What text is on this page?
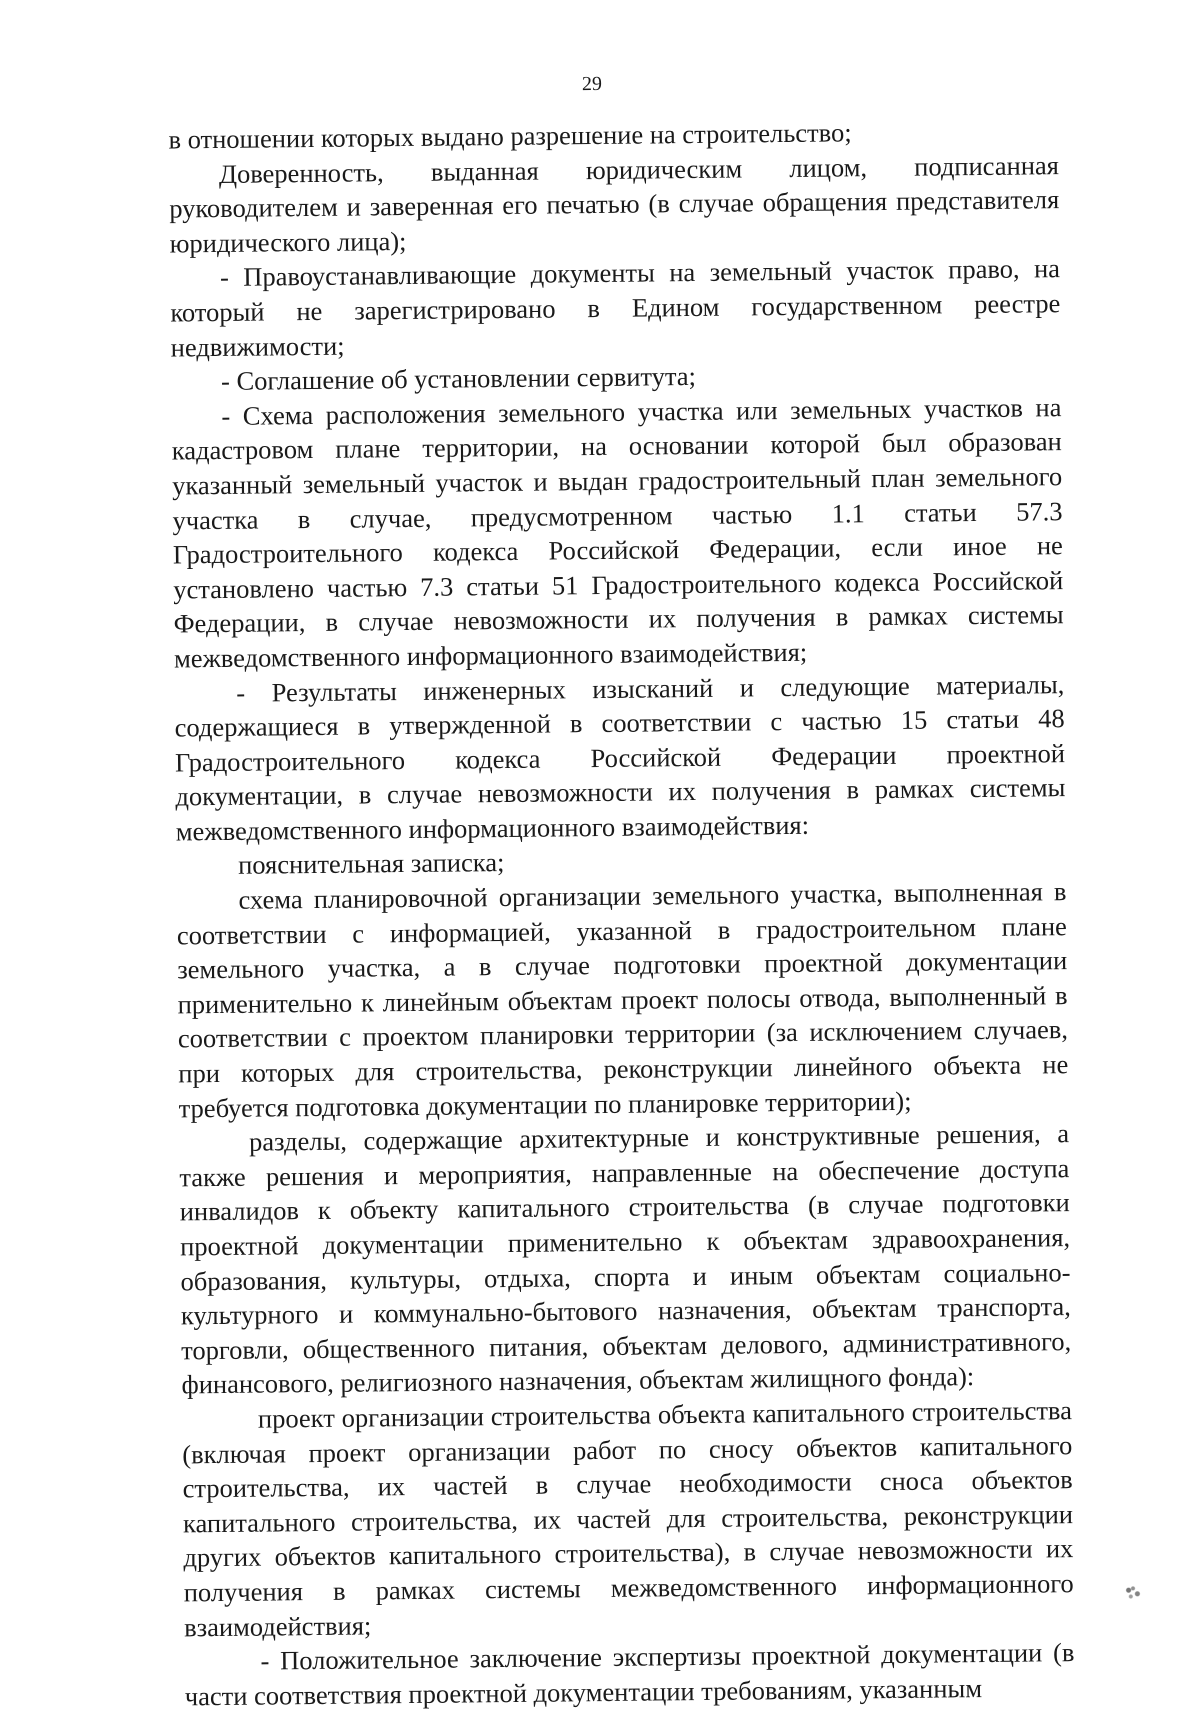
29

в отношении которых выдано разрешение на строительство;

Доверенность, выданная юридическим лицом, подписанная руководителем и заверенная его печатью (в случае обращения представителя юридического лица);

- Правоустанавливающие документы на земельный участок право, на который не зарегистрировано в Едином государственном реестре недвижимости;

- Соглашение об установлении сервитута;

- Схема расположения земельного участка или земельных участков на кадастровом плане территории, на основании которой был образован указанный земельный участок и выдан градостроительный план земельного участка в случае, предусмотренном частью 1.1 статьи 57.3 Градостроительного кодекса Российской Федерации, если иное не установлено частью 7.3 статьи 51 Градостроительного кодекса Российской Федерации, в случае невозможности их получения в рамках системы межведомственного информационного взаимодействия;

- Результаты инженерных изысканий и следующие материалы, содержащиеся в утвержденной в соответствии с частью 15 статьи 48 Градостроительного кодекса Российской Федерации проектной документации, в случае невозможности их получения в рамках системы межведомственного информационного взаимодействия:

пояснительная записка;

схема планировочной организации земельного участка, выполненная в соответствии с информацией, указанной в градостроительном плане земельного участка, а в случае подготовки проектной документации применительно к линейным объектам проект полосы отвода, выполненный в соответствии с проектом планировки территории (за исключением случаев, при которых для строительства, реконструкции линейного объекта не требуется подготовка документации по планировке территории);

разделы, содержащие архитектурные и конструктивные решения, а также решения и мероприятия, направленные на обеспечение доступа инвалидов к объекту капитального строительства (в случае подготовки проектной документации применительно к объектам здравоохранения, образования, культуры, отдыха, спорта и иным объектам социально-культурного и коммунально-бытового назначения, объектам транспорта, торговли, общественного питания, объектам делового, административного, финансового, религиозного назначения, объектам жилищного фонда):

проект организации строительства объекта капитального строительства (включая проект организации работ по сносу объектов капитального строительства, их частей в случае необходимости сноса объектов капитального строительства, их частей для строительства, реконструкции других объектов капитального строительства), в случае невозможности их получения в рамках системы межведомственного информационного взаимодействия;

- Положительное заключение экспертизы проектной документации (в части соответствия проектной документации требованиям, указанным
